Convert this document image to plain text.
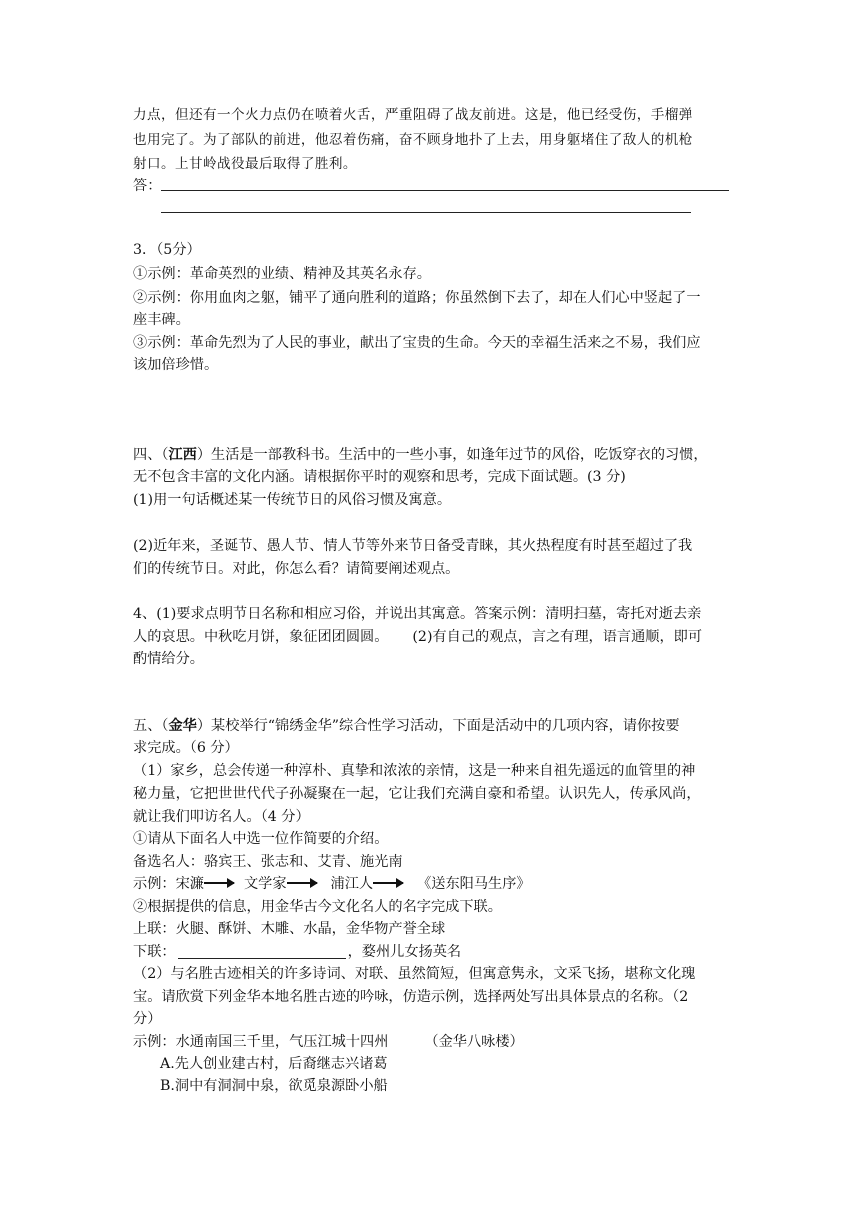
力点，但还有一个火力点仍在喷着火舌，严重阻碍了战友前进。这是，他已经受伤，手榴弹
也用完了。为了部队的前进，他忍着伤痛，奋不顾身地扑了上去，用身躯堵住了敌人的机枪
射口。上甘岭战役最后取得了胜利。
答：
3．（5分）
①示例：革命英烈的业绩、精神及其英名永存。
②示例：你用血肉之躯，铺平了通向胜利的道路；你虽然倒下去了，却在人们心中竖起了一
座丰碑。
③示例：革命先烈为了人民的事业，献出了宝贵的生命。今天的幸福生活来之不易，我们应
该加倍珍惜。
四、（江西）生活是一部教科书。生活中的一些小事，如逢年过节的风俗，吃饭穿衣的习惯，
无不包含丰富的文化内涵。请根据你平时的观察和思考，完成下面试题。(3 分)
(1)用一句话概述某一传统节日的风俗习惯及寓意。
(2)近年来，圣诞节、愚人节、情人节等外来节日备受青睐，其火热程度有时甚至超过了我
们的传统节日。对此，你怎么看？请简要阐述观点。
4、(1)要求点明节日名称和相应习俗，并说出其寓意。答案示例：清明扫墓，寄托对逝去亲
人的哀思。中秋吃月饼，象征团团圆圆。 (2)有自己的观点，言之有理，语言通顺，即可
酌情给分。
五、（金华）某校举行“锦绣金华”综合性学习活动，下面是活动中的几项内容，请你按要
求完成。（6 分）
（1）家乡，总会传递一种淳朴、真挚和浓浓的亲情，这是一种来自祖先遥远的血管里的神
秘力量，它把世世代代子孙凝聚在一起，它让我们充满自豪和希望。认识先人，传承风尚，
就让我们叩访名人。（4 分）
①请从下面名人中选一位作简要的介绍。
备选名人：骆宾王、张志和、艾青、施光南
示例：宋濂	文学家	浦江人	《送东阳马生序》
②根据提供的信息，用金华古今文化名人的名字完成下联。
上联：火腿、酥饼、木雕、水晶，金华物产誉全球
下联：	，婺州儿女扬英名
（2）与名胜古迹相关的许多诗词、对联、虽然简短，但寓意隽永，文采飞扬，堪称文化瑰
宝。请欣赏下列金华本地名胜古迹的吟咏，仿造示例，选择两处写出具体景点的名称。（2
分）
示例：水通南国三千里，气压江城十四州	（金华八咏楼）
A.先人创业建古村，后裔继志兴诸葛
B.洞中有洞洞中泉，欲觅泉源卧小船
